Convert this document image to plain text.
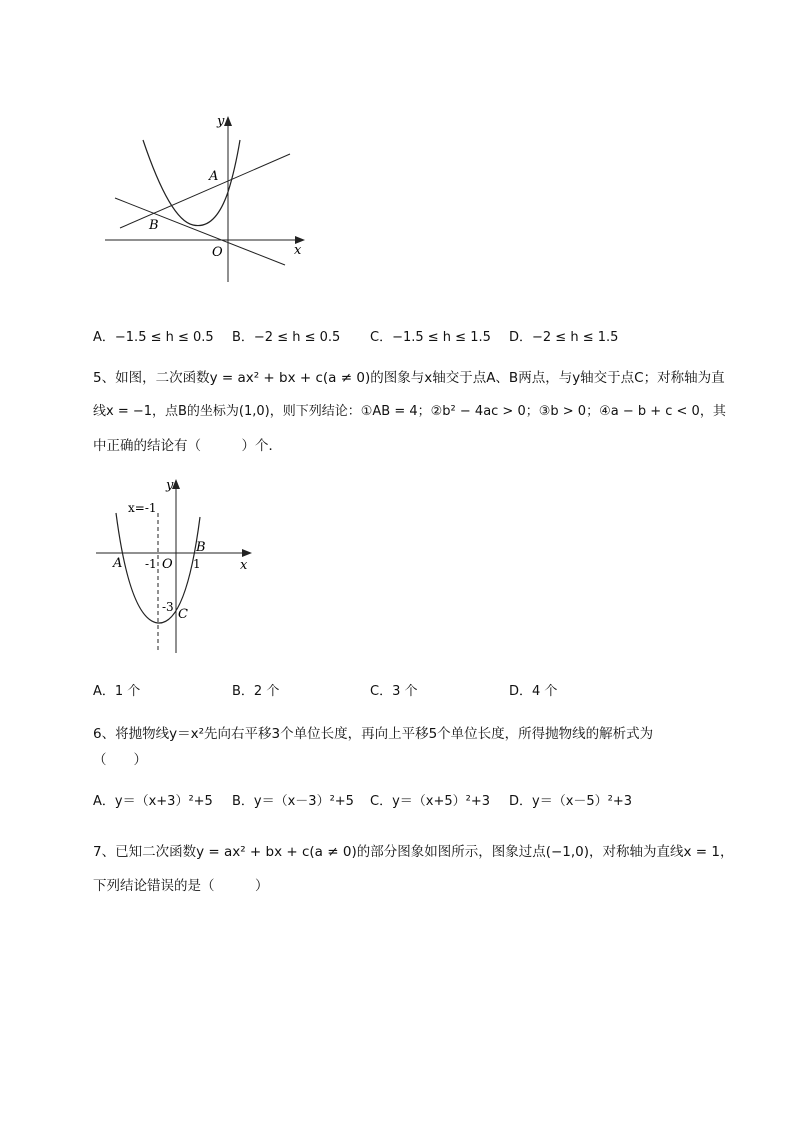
y
x
A
B
O
A．−1.5 ≤ h ≤ 0.5 B．−2 ≤ h ≤ 0.5 C．−1.5 ≤ h ≤ 1.5 D．−2 ≤ h ≤ 1.5
5、如图，二次函数y = ax² + bx + c(a ≠ 0)的图象与x轴交于点A、B两点，与y轴交于点C；对称轴为直
线x = −1，点B的坐标为(1,0)，则下列结论：①AB = 4；②b² − 4ac > 0；③b > 0；④a − b + c < 0，其
中正确的结论有（　　　）个．
y
x
x=-1
A
B
C
O
-1	1
-3
A．1 个	B．2 个	C．3 个	D．4 个
6、将抛物线y＝x²先向右平移3个单位长度，再向上平移5个单位长度，所得抛物线的解析式为
（　　）
A．y＝（x+3）²+5 B．y＝（x－3）²+5 C．y＝（x+5）²+3 D．y＝（x－5）²+3
7、已知二次函数y = ax² + bx + c(a ≠ 0)的部分图象如图所示，图象过点(−1,0)，对称轴为直线x = 1，
下列结论错误的是（　　　）
